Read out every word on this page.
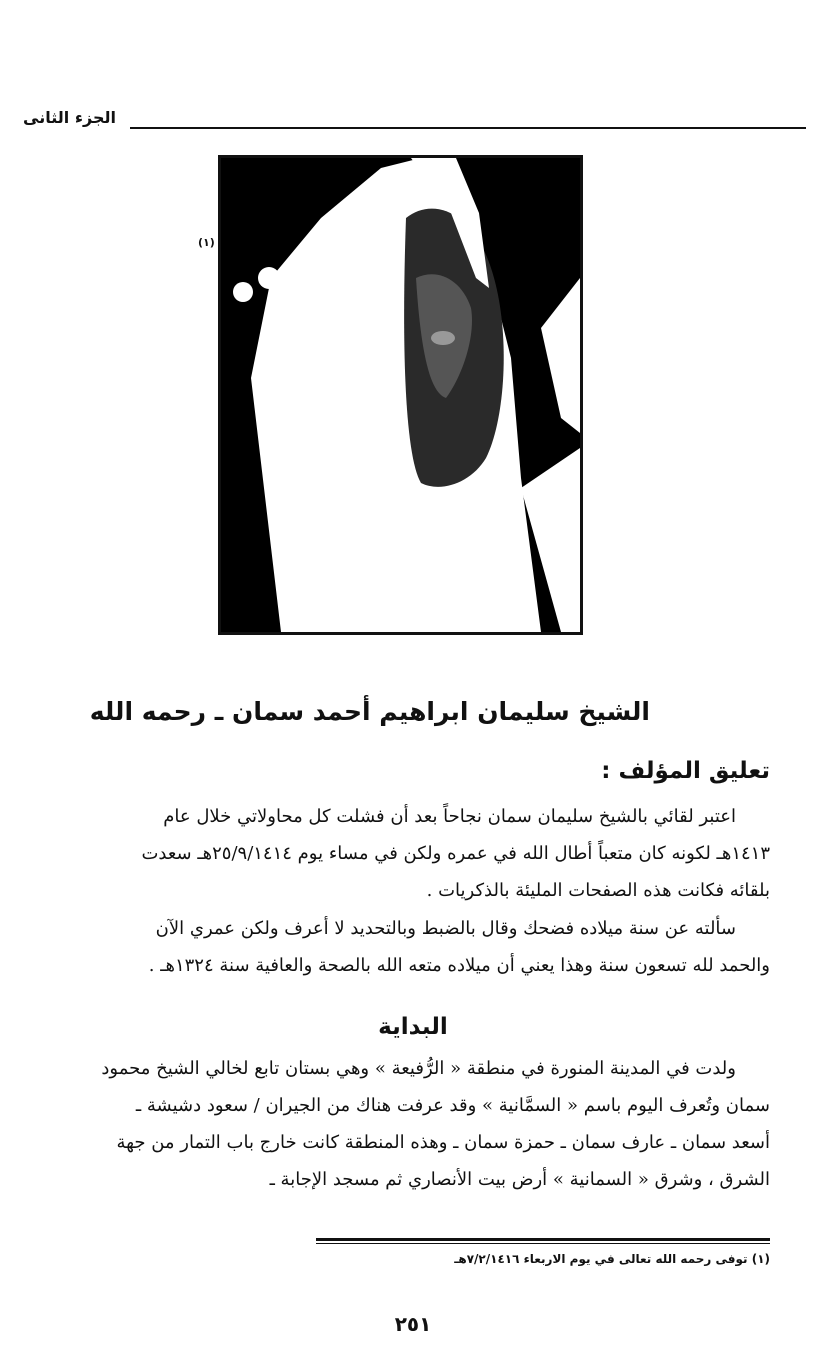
الجزء الثانى
(١)
الشيخ سليمان ابراهيم أحمد سمان ـ رحمه الله
تعليق المؤلف :
اعتبر لقائي بالشيخ سليمان سمان نجاحاً بعد أن فشلت كل محاولاتي خلال عام
١٤١٣هـ لكونه كان متعباً أطال الله في عمره ولكن في مساء يوم ٢٥/٩/١٤١٤هـ سعدت
بلقائه فكانت هذه الصفحات المليئة بالذكريات .
سألته عن سنة ميلاده فضحك وقال بالضبط وبالتحديد لا أعرف ولكن عمري الآن
والحمد لله تسعون سنة وهذا يعني أن ميلاده متعه الله بالصحة والعافية سنة ١٣٢٤هـ .
البداية
ولدت في المدينة المنورة في منطقة « الرُّفيعة » وهي بستان تابع لخالي الشيخ محمود
سمان وتُعرف اليوم باسم « السمَّانية » وقد عرفت هناك من الجيران / سعود دشيشة ـ
أسعد سمان ـ عارف سمان ـ حمزة سمان ـ وهذه المنطقة كانت خارج باب التمار من جهة
الشرق ، وشرق « السمانية » أرض بيت الأنصاري ثم مسجد الإجابة ـ
(١) توفى رحمه الله تعالى في يوم الاربعاء ٧/٢/١٤١٦هـ
٢٥١
